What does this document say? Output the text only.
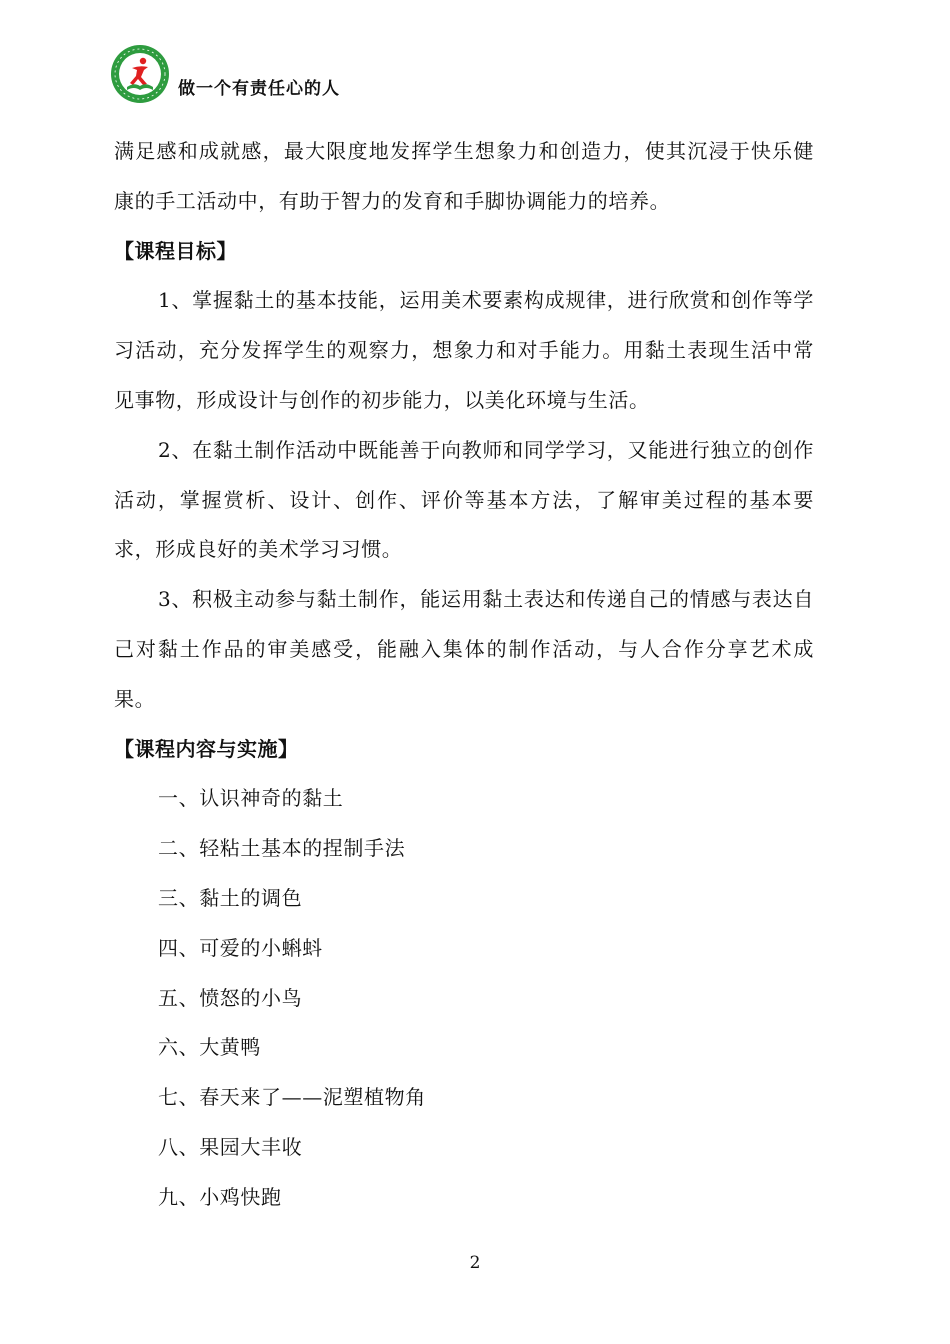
做一个有责任心的人

满足感和成就感，最大限度地发挥学生想象力和创造力，使其沉浸于快乐健康的手工活动中，有助于智力的发育和手脚协调能力的培养。

【课程目标】

1、掌握黏土的基本技能，运用美术要素构成规律，进行欣赏和创作等学习活动，充分发挥学生的观察力，想象力和对手能力。用黏土表现生活中常见事物，形成设计与创作的初步能力，以美化环境与生活。

2、在黏土制作活动中既能善于向教师和同学学习，又能进行独立的创作活动，掌握赏析、设计、创作、评价等基本方法，了解审美过程的基本要求，形成良好的美术学习习惯。

3、积极主动参与黏土制作，能运用黏土表达和传递自己的情感与表达自己对黏土作品的审美感受，能融入集体的制作活动，与人合作分享艺术成果。

【课程内容与实施】
一、认识神奇的黏土
二、轻粘土基本的捏制手法
三、黏土的调色
四、可爱的小蝌蚪
五、愤怒的小鸟
六、大黄鸭
七、春天来了——泥塑植物角
八、果园大丰收
九、小鸡快跑
2
